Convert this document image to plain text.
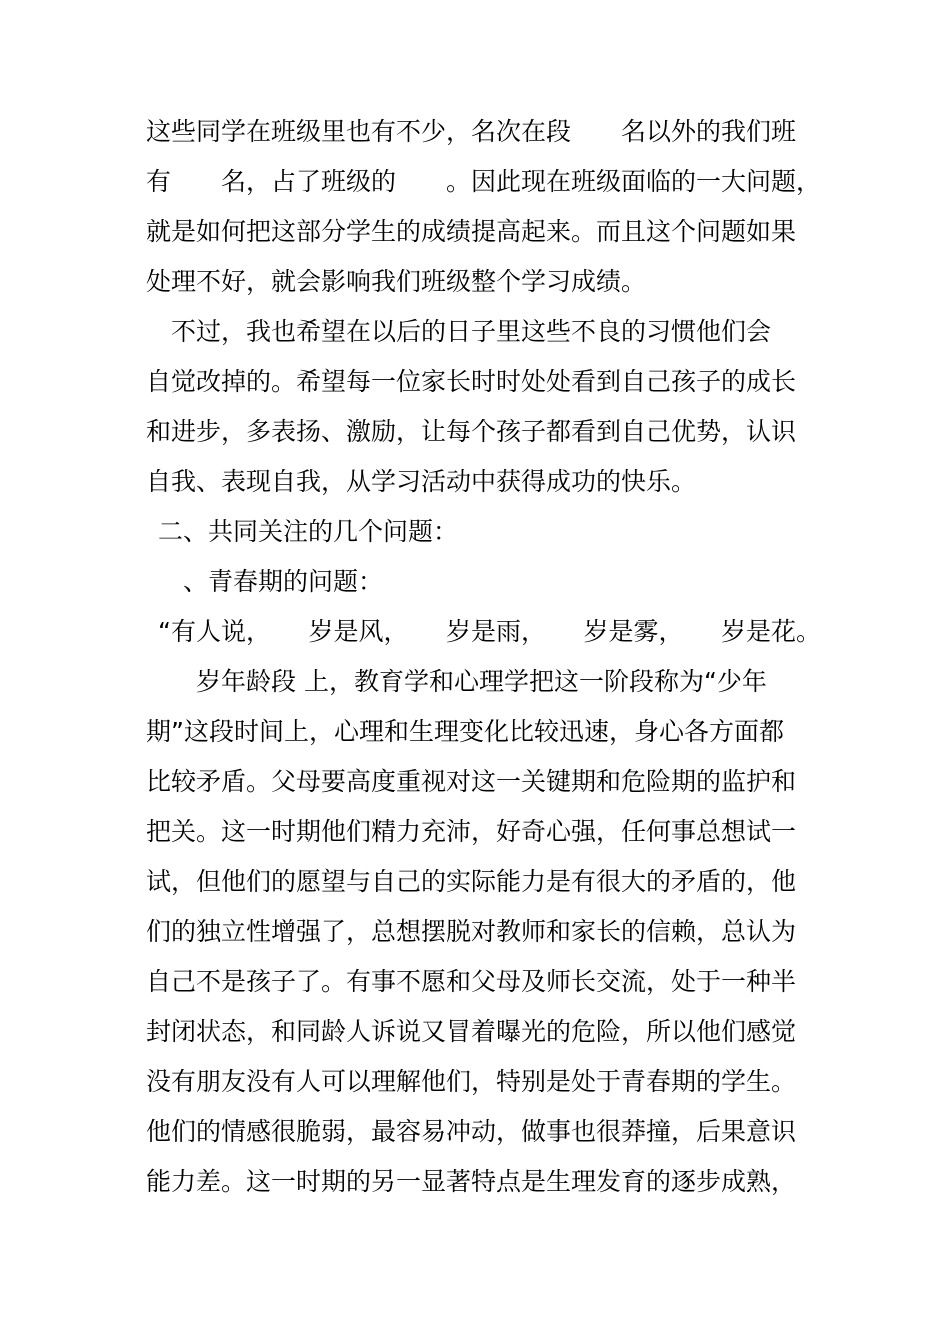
这些同学在班级里也有不少，名次在段　　名以外的我们班
有　　名，占了班级的　　。因此现在班级面临的一大问题，
就是如何把这部分学生的成绩提高起来。而且这个问题如果
处理不好，就会影响我们班级整个学习成绩。
　不过，我也希望在以后的日子里这些不良的习惯他们会
自觉改掉的。希望每一位家长时时处处看到自己孩子的成长
和进步，多表扬、激励，让每个孩子都看到自己优势，认识
自我、表现自我，从学习活动中获得成功的快乐。
二、共同关注的几个问题：
　、青春期的问题：
“有人说，　　岁是风，　　岁是雨，　　岁是雾，　　岁是花。
　　岁年龄段 上，教育学和心理学把这一阶段称为“少年
期”这段时间上，心理和生理变化比较迅速，身心各方面都
比较矛盾。父母要高度重视对这一关键期和危险期的监护和
把关。这一时期他们精力充沛，好奇心强，任何事总想试一
试，但他们的愿望与自己的实际能力是有很大的矛盾的，他
们的独立性增强了，总想摆脱对教师和家长的信赖，总认为
自己不是孩子了。有事不愿和父母及师长交流，处于一种半
封闭状态，和同龄人诉说又冒着曝光的危险，所以他们感觉
没有朋友没有人可以理解他们，特别是处于青春期的学生。
他们的情感很脆弱，最容易冲动，做事也很莽撞，后果意识
能力差。这一时期的另一显著特点是生理发育的逐步成熟，
